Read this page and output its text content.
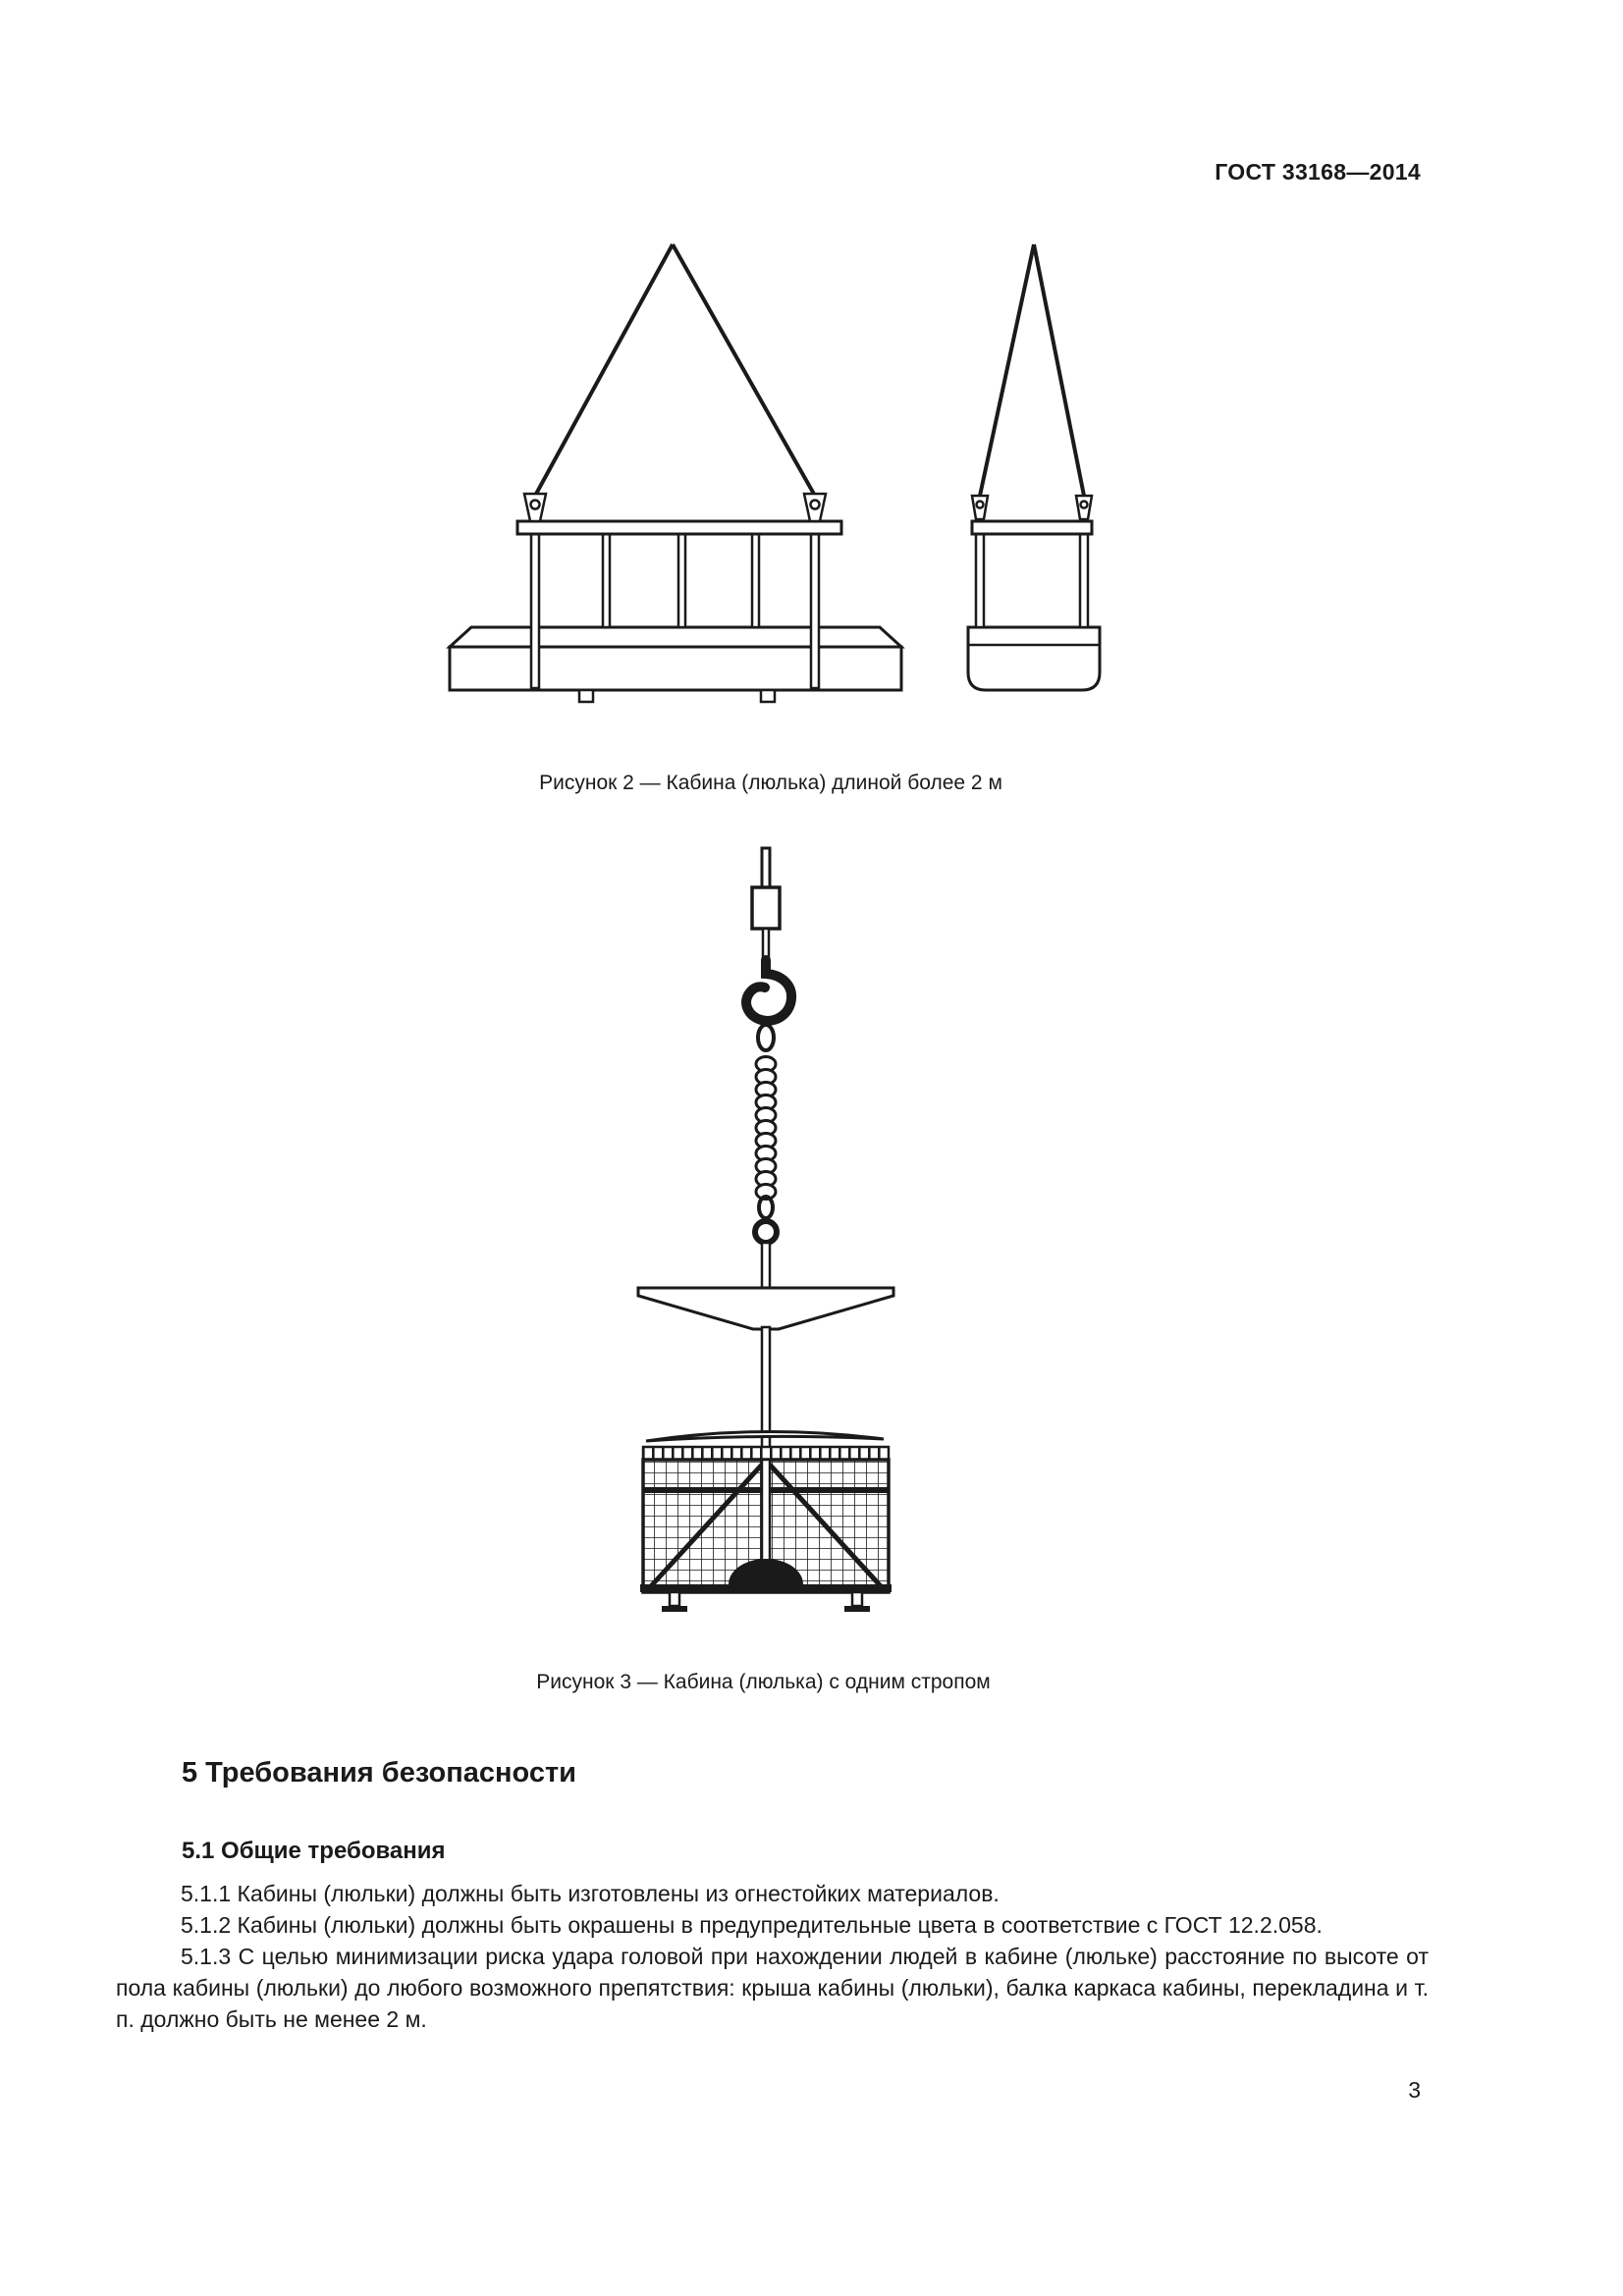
ГОСТ 33168—2014
Рисунок 2 — Кабина (люлька) длиной более 2 м
Рисунок 3 — Кабина (люлька) с одним стропом
5 Требования безопасности
5.1 Общие требования

5.1.1 Кабины (люльки) должны быть изготовлены из огнестойких материалов.

5.1.2 Кабины (люльки) должны быть окрашены в предупредительные цвета в соответствие с ГОСТ 12.2.058.

5.1.3 С целью минимизации риска удара головой при нахождении людей в кабине (люльке) расстояние по высоте от пола кабины (люльки) до любого возможного препятствия: крыша кабины (люльки), балка каркаса кабины, перекладина и т. п. должно быть не менее 2 м.

3
